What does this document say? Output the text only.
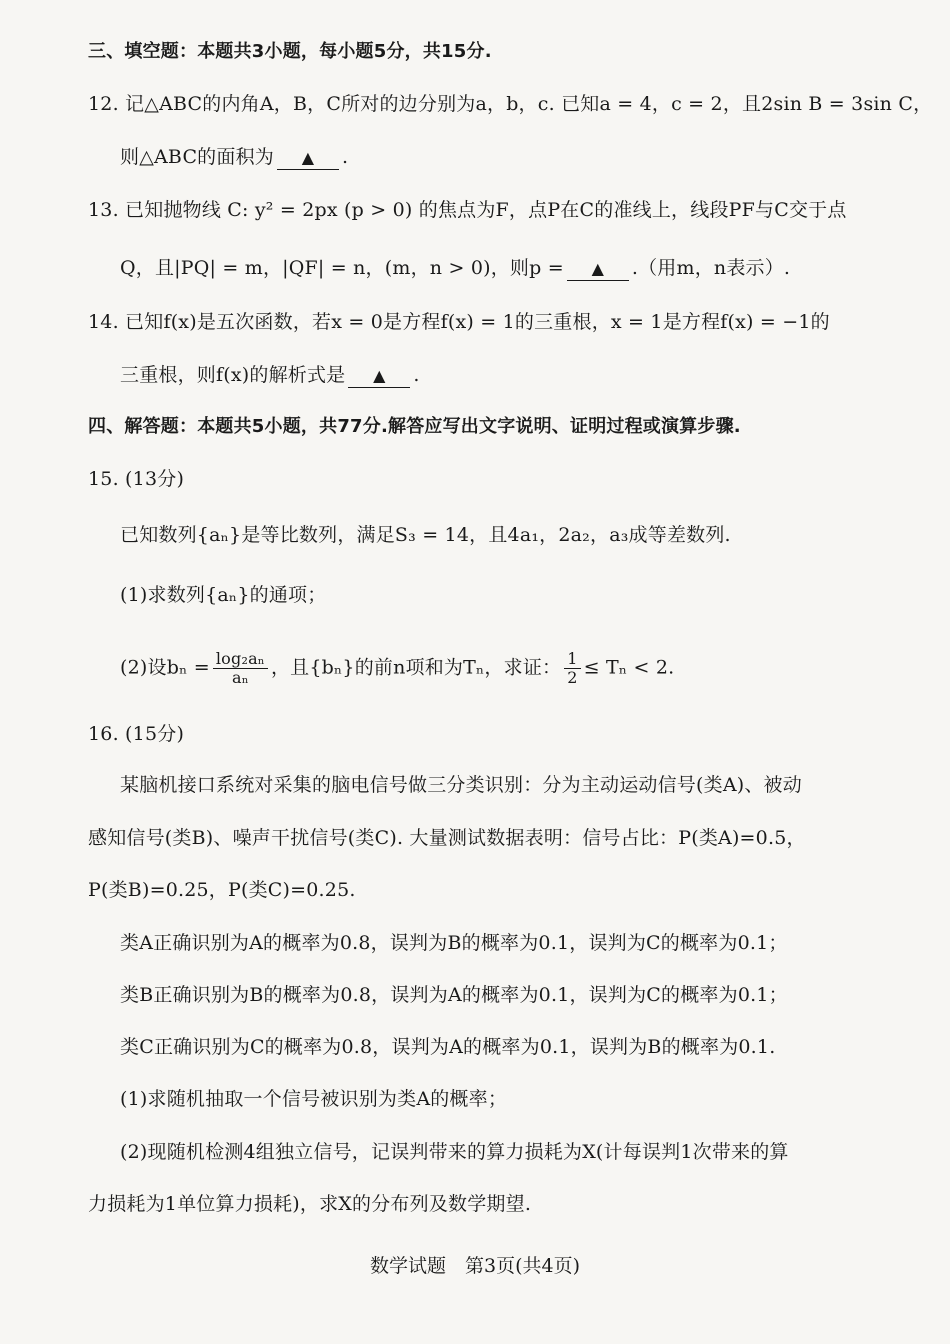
三、填空题：本题共3小题，每小题5分，共15分.
12. 记△ABC的内角A，B，C所对的边分别为a，b，c. 已知a = 4，c = 2，且2sin B = 3sin C，
则△ABC的面积为 ▲ .
13. 已知抛物线 C: y² = 2px (p > 0) 的焦点为F，点P在C的准线上，线段PF与C交于点
Q，且|PQ| = m，|QF| = n，(m，n > 0)，则p = ▲ .（用m，n表示）.
14. 已知f(x)是五次函数，若x = 0是方程f(x) = 1的三重根，x = 1是方程f(x) = −1的
三重根，则f(x)的解析式是 ▲ .
四、解答题：本题共5小题，共77分.解答应写出文字说明、证明过程或演算步骤.
15. (13分)
已知数列{aₙ}是等比数列，满足S₃ = 14，且4a₁，2a₂，a₃成等差数列.
(1)求数列{aₙ}的通项；
(2)设$b_n = \frac{\text{log₂aₙ}}{\text{aₙ}}$ ，且{bₙ}的前n项和为Tₙ，求证： $\frac{1}{2} \le T_n < 2$.
16. (15分)
某脑机接口系统对采集的脑电信号做三分类识别：分为主动运动信号(类A)、被动
感知信号(类B)、噪声干扰信号(类C). 大量测试数据表明：信号占比：P(类A)=0.5，
P(类B)=0.25，P(类C)=0.25.
类A正确识别为A的概率为0.8，误判为B的概率为0.1，误判为C的概率为0.1；
类B正确识别为B的概率为0.8，误判为A的概率为0.1，误判为C的概率为0.1；
类C正确识别为C的概率为0.8，误判为A的概率为0.1，误判为B的概率为0.1.
(1)求随机抽取一个信号被识别为类A的概率；
(2)现随机检测4组独立信号，记误判带来的算力损耗为X(计每误判1次带来的算
力损耗为1单位算力损耗)，求X的分布列及数学期望.
数学试题　第3页(共4页)
